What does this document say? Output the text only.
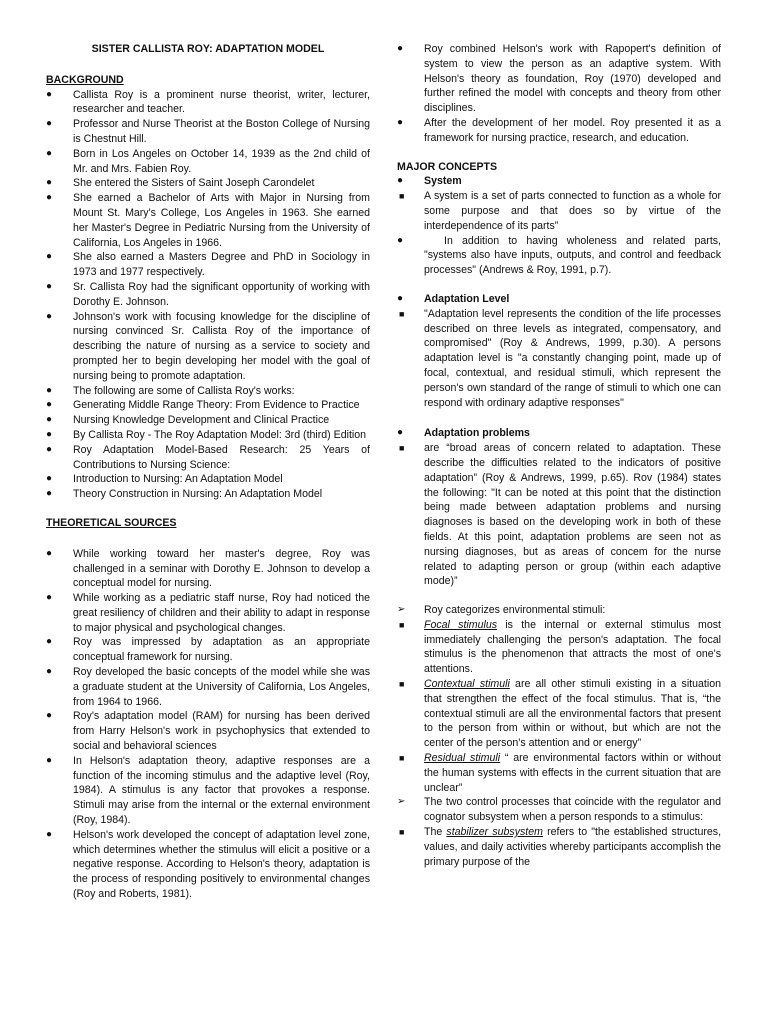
SISTER CALLISTA ROY: ADAPTATION MODEL
BACKGROUND
● Callista Roy is a prominent nurse theorist, writer, lecturer, researcher and teacher.
● Professor and Nurse Theorist at the Boston College of Nursing is Chestnut Hill.
● Born in Los Angeles on October 14, 1939 as the 2nd child of Mr. and Mrs. Fabien Roy.
● She entered the Sisters of Saint Joseph Carondelet
● She earned a Bachelor of Arts with Major in Nursing from Mount St. Mary's College, Los Angeles in 1963. She earned her Master's Degree in Pediatric Nursing from the University of California, Los Angeles in 1966.
● She also earned a Masters Degree and PhD in Sociology in 1973 and 1977 respectively.
● Sr. Callista Roy had the significant opportunity of working with Dorothy E. Johnson.
● Johnson's work with focusing knowledge for the discipline of nursing convinced Sr. Callista Roy of the importance of describing the nature of nursing as a service to society and prompted her to begin developing her model with the goal of nursing being to promote adaptation.
● The following are some of Callista Roy's works:
● Generating Middle Range Theory: From Evidence to Practice
● Nursing Knowledge Development and Clinical Practice
● By Callista Roy - The Roy Adaptation Model: 3rd (third) Edition
● Roy Adaptation Model-Based Research: 25 Years of Contributions to Nursing Science:
● Introduction to Nursing: An Adaptation Model
● Theory Construction in Nursing: An Adaptation Model
THEORETICAL SOURCES
● While working toward her master's degree, Roy was challenged in a seminar with Dorothy E. Johnson to develop a conceptual model for nursing.
● While working as a pediatric staff nurse, Roy had noticed the great resiliency of children and their ability to adapt in response to major physical and psychological changes.
● Roy was impressed by adaptation as an appropriate conceptual framework for nursing.
● Roy developed the basic concepts of the model while she was a graduate student at the University of California, Los Angeles, from 1964 to 1966.
● Roy's adaptation model (RAM) for nursing has been derived from Harry Helson's work in psychophysics that extended to social and behavioral sciences
● In Helson's adaptation theory, adaptive responses are a function of the incoming stimulus and the adaptive level (Roy, 1984). A stimulus is any factor that provokes a response. Stimuli may arise from the internal or the external environment (Roy, 1984).
● Helson's work developed the concept of adaptation level zone, which determines whether the stimulus will elicit a positive or a negative response. According to Helson's theory, adaptation is the process of responding positively to environmental changes (Roy and Roberts, 1981).
● Roy combined Helson's work with Rapopert's definition of system to view the person as an adaptive system. With Helson's theory as foundation, Roy (1970) developed and further refined the model with concepts and theory from other disciplines.
● After the development of her model. Roy presented it as a framework for nursing practice, research, and education.
MAJOR CONCEPTS
● System
■ A system is a set of parts connected to function as a whole for some purpose and that does so by virtue of the interdependence of its parts”
● In addition to having wholeness and related parts, "systems also have inputs, outputs, and control and feedback processes" (Andrews & Roy, 1991, p.7).
● Adaptation Level
■ "Adaptation level represents the condition of the life processes described on three levels as integrated, compensatory, and compromised" (Roy & Andrews, 1999, p.30). A persons adaptation level is "a constantly changing point, made up of focal, contextual, and residual stimuli, which represent the person's own standard of the range of stimuli to which one can respond with ordinary adaptive responses"
● Adaptation problems
■ are “broad areas of concern related to adaptation. These describe the difficulties related to the indicators of positive adaptation” (Roy & Andrews, 1999, p.65). Rov (1984) states the following: "It can be noted at this point that the distinction being made between adaptation problems and nursing diagnoses is based on the developing work in both of these fields. At this point, adaptation problems are seen not as nursing diagnoses, but as areas of concem for the nurse related to adapting person or group (within each adaptive mode)”
➢ Roy categorizes environmental stimuli:
■ Focal stimulus is the internal or external stimulus most immediately challenging the person's adaptation. The focal stimulus is the phenomenon that attracts the most of one's attentions.
■ Contextual stimuli are all other stimuli existing in a situation that strengthen the effect of the focal stimulus. That is, “the contextual stimuli are all the environmental factors that present to the person from within or without, but which are not the center of the person’s attention and or energy”
■ Residual stimuli “ are environmental factors within or without the human systems with effects in the current situation that are unclear”
➢ The two control processes that coincide with the regulator and cognator subsystem when a person responds to a stimulus:
■ The stabilizer subsystem refers to "the established structures, values, and daily activities whereby participants accomplish the primary purpose of the
